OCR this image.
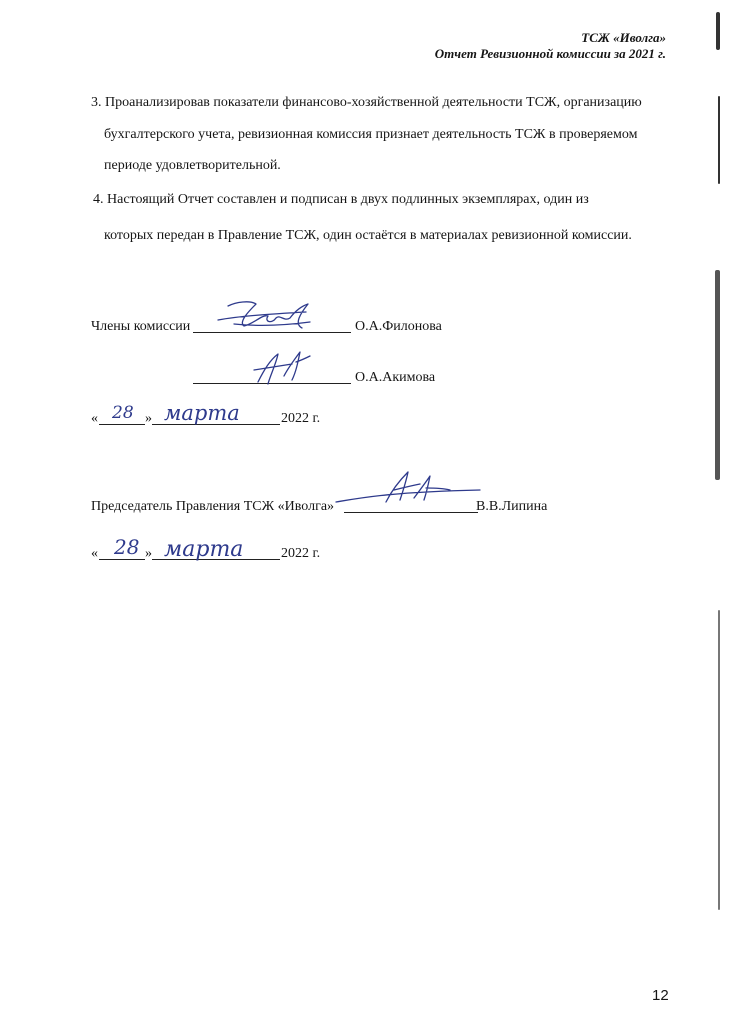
ТСЖ «Иволга»
Отчет Ревизионной комиссии за 2021 г.
3. Проанализировав показатели финансово-хозяйственной деятельности ТСЖ, организацию
бухгалтерского учета, ревизионная комиссия признает деятельность ТСЖ в проверяемом
периоде удовлетворительной.
4. Настоящий Отчет составлен и подписан в двух подлинных экземплярах, один из
которых передан в Правление ТСЖ, один остаётся в материалах ревизионной комиссии.
Члены комиссии	О.А.Филонова
О.А.Акимова
«	»	2022 г.
28 марта
Председатель Правления ТСЖ «Иволга»	В.В.Липина
«	»	2022 г.
28 марта
12
